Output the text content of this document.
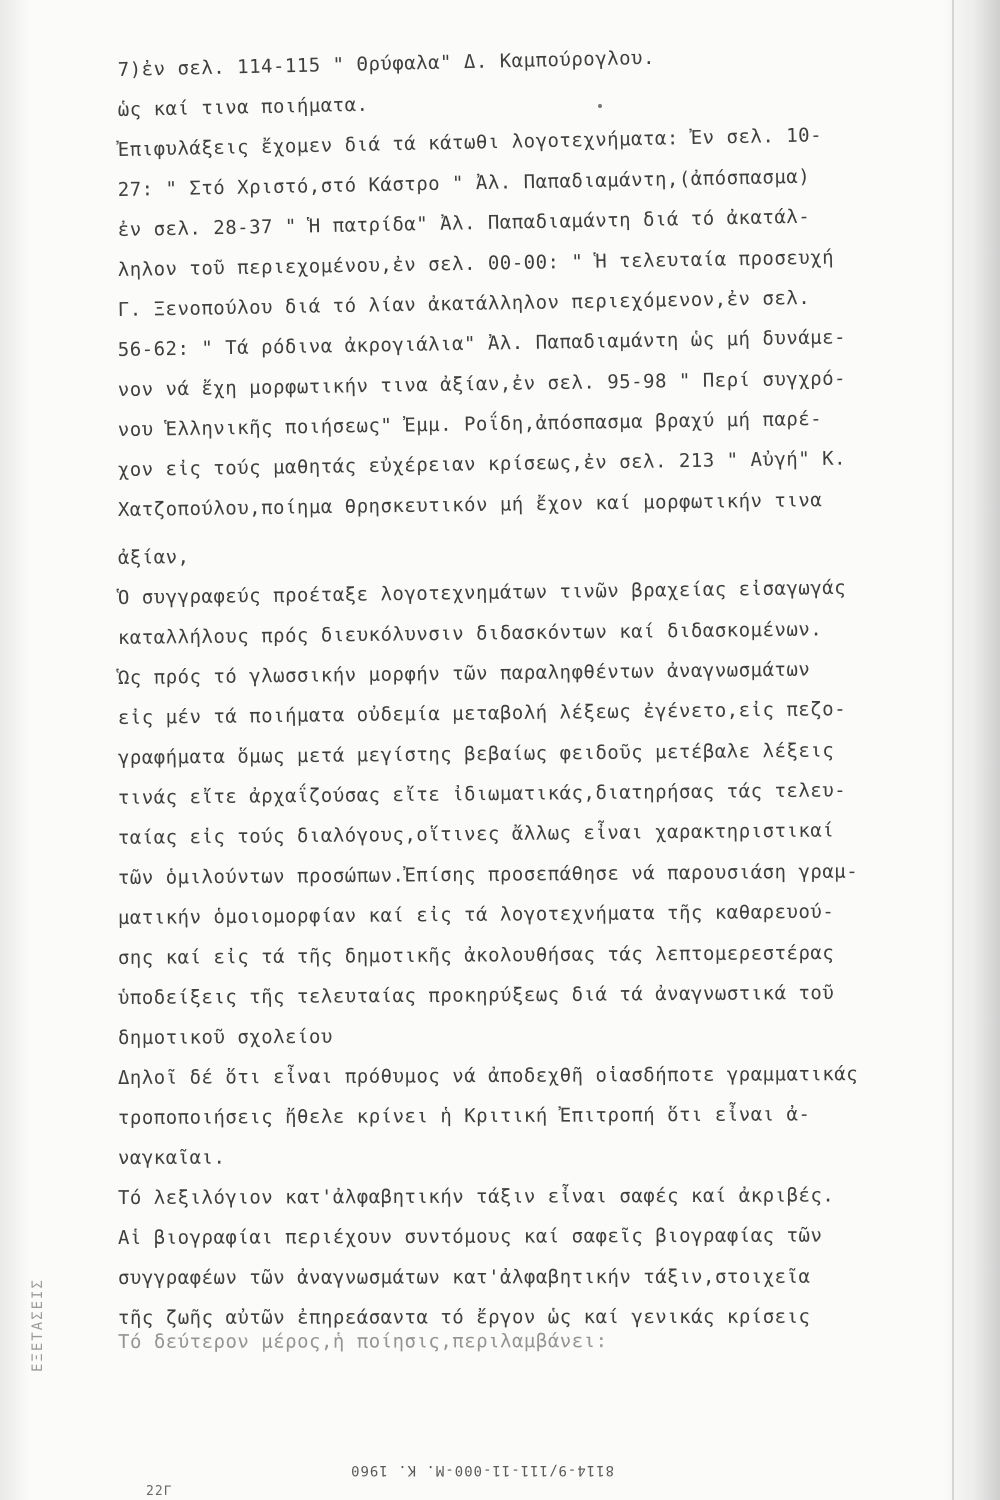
7)ἐν σελ. 114-115 " Θρύφαλα" Δ. Καμπούρογλου.
ὡς καί τινα ποιήματα.
Ἐπιφυλάξεις ἔχομεν διά τά κάτωθι λογοτεχνήματα: Ἐν σελ. 10-
27: " Στό Χριστό,στό Κάστρο " Ἀλ. Παπαδιαμάντη,(ἀπόσπασμα)
ἐν σελ. 28-37 " Ἡ πατρίδα" Ἀλ. Παπαδιαμάντη διά τό ἀκατάλ-
ληλον τοῦ περιεχομένου,ἐν σελ. 00-00: " Ἡ τελευταία προσευχή
Γ. Ξενοπούλου διά τό λίαν ἀκατάλληλον περιεχόμενον,ἐν σελ.
56-62: " Τά ρόδινα ἀκρογιάλια" Ἀλ. Παπαδιαμάντη ὡς μή δυνάμε-
νον νά ἔχη μορφωτικήν τινα ἀξίαν,ἐν σελ. 95-98 " Περί συγχρό-
νου Ἑλληνικῆς ποιήσεως" Ἐμμ. Ροΐδη,ἀπόσπασμα βραχύ μή παρέ-
χον εἰς τούς μαθητάς εὐχέρειαν κρίσεως,ἐν σελ. 213 " Αὐγή" Κ.
Χατζοπούλου,ποίημα θρησκευτικόν μή ἔχον καί μορφωτικήν τινα
ἀξίαν,
Ὁ συγγραφεύς προέταξε λογοτεχνημάτων τινῶν βραχείας εἰσαγωγάς
καταλλήλους πρός διευκόλυνσιν διδασκόντων καί διδασκομένων.
Ὡς πρός τό γλωσσικήν μορφήν τῶν παραληφθέντων ἀναγνωσμάτων
εἰς μέν τά ποιήματα οὐδεμία μεταβολή λέξεως ἐγένετο,εἰς πεζο-
γραφήματα ὅμως μετά μεγίστης βεβαίως φειδοῦς μετέβαλε λέξεις
τινάς εἴτε ἀρχαΐζούσας εἴτε ἰδιωματικάς,διατηρήσας τάς τελευ-
ταίας εἰς τούς διαλόγους,οἵτινες ἄλλως εἶναι χαρακτηριστικαί
τῶν ὁμιλούντων προσώπων.Ἐπίσης προσεπάθησε νά παρουσιάση γραμ-
ματικήν ὁμοιομορφίαν καί εἰς τά λογοτεχνήματα τῆς καθαρευού-
σης καί εἰς τά τῆς δημοτικῆς ἀκολουθήσας τάς λεπτομερεστέρας
ὑποδείξεις τῆς τελευταίας προκηρύξεως διά τά ἀναγνωστικά τοῦ
δημοτικοῦ σχολείου
Δηλοῖ δέ ὅτι εἶναι πρόθυμος νά ἀποδεχθῆ οἱασδήποτε γραμματικάς
τροποποιήσεις ἤθελε κρίνει ἡ Κριτική Ἐπιτροπή ὅτι εἶναι ἀ-
ναγκαῖαι.
Τό λεξιλόγιον κατ'ἀλφαβητικήν τάξιν εἶναι σαφές καί ἀκριβές.
Αἱ βιογραφίαι περιέχουν συντόμους καί σαφεῖς βιογραφίας τῶν
συγγραφέων τῶν ἀναγνωσμάτων κατ'ἀλφαβητικήν τάξιν,στοιχεῖα
τῆς ζωῆς αὐτῶν ἐπηρεάσαντα τό ἔργον ὡς καί γενικάς κρίσεις
Τό δεύτερον μέρος,ἡ ποίησις,περιλαμβάνει:
ΕΞΕΤΑΣΕΙΣ
8114-9/111-11-000-M. K. 1960
22Γ
